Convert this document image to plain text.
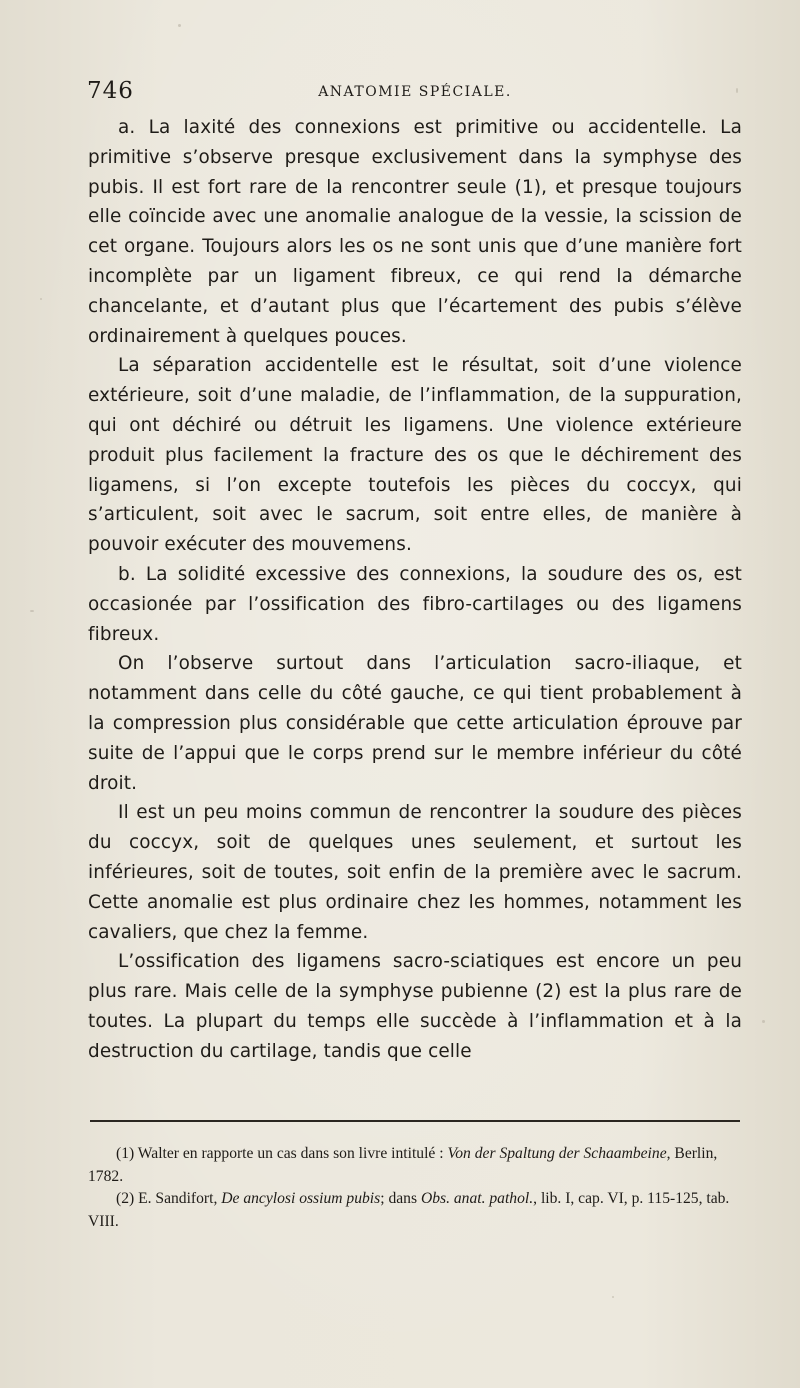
746	ANATOMIE SPÉCIALE.

a. La laxité des connexions est primitive ou accidentelle. La primitive s’observe presque exclusivement dans la symphyse des pubis. Il est fort rare de la rencontrer seule (1), et presque toujours elle coïncide avec une anomalie analogue de la vessie, la scission de cet organe. Toujours alors les os ne sont unis que d’une manière fort incomplète par un ligament fibreux, ce qui rend la démarche chancelante, et d’autant plus que l’écartement des pubis s’élève ordinairement à quelques pouces.

La séparation accidentelle est le résultat, soit d’une violence extérieure, soit d’une maladie, de l’inflammation, de la suppuration, qui ont déchiré ou détruit les ligamens. Une violence extérieure produit plus facilement la fracture des os que le déchirement des ligamens, si l’on excepte toutefois les pièces du coccyx, qui s’articulent, soit avec le sacrum, soit entre elles, de manière à pouvoir exécuter des mouvemens.

b. La solidité excessive des connexions, la soudure des os, est occasionée par l’ossification des fibro-cartilages ou des ligamens fibreux.

On l’observe surtout dans l’articulation sacro-iliaque, et notamment dans celle du côté gauche, ce qui tient probablement à la compression plus considérable que cette articulation éprouve par suite de l’appui que le corps prend sur le membre inférieur du côté droit.

Il est un peu moins commun de rencontrer la soudure des pièces du coccyx, soit de quelques unes seulement, et surtout les inférieures, soit de toutes, soit enfin de la première avec le sacrum. Cette anomalie est plus ordinaire chez les hommes, notamment les cavaliers, que chez la femme.

L’ossification des ligamens sacro-sciatiques est encore un peu plus rare. Mais celle de la symphyse pubienne (2) est la plus rare de toutes. La plupart du temps elle succède à l’inflammation et à la destruction du cartilage, tandis que celle

(1) Walter en rapporte un cas dans son livre intitulé : Von der Spaltung der Schaambeine, Berlin, 1782.

(2) E. Sandifort, De ancylosi ossium pubis; dans Obs. anat. pathol., lib. I, cap. VI, p. 115-125, tab. VIII.
